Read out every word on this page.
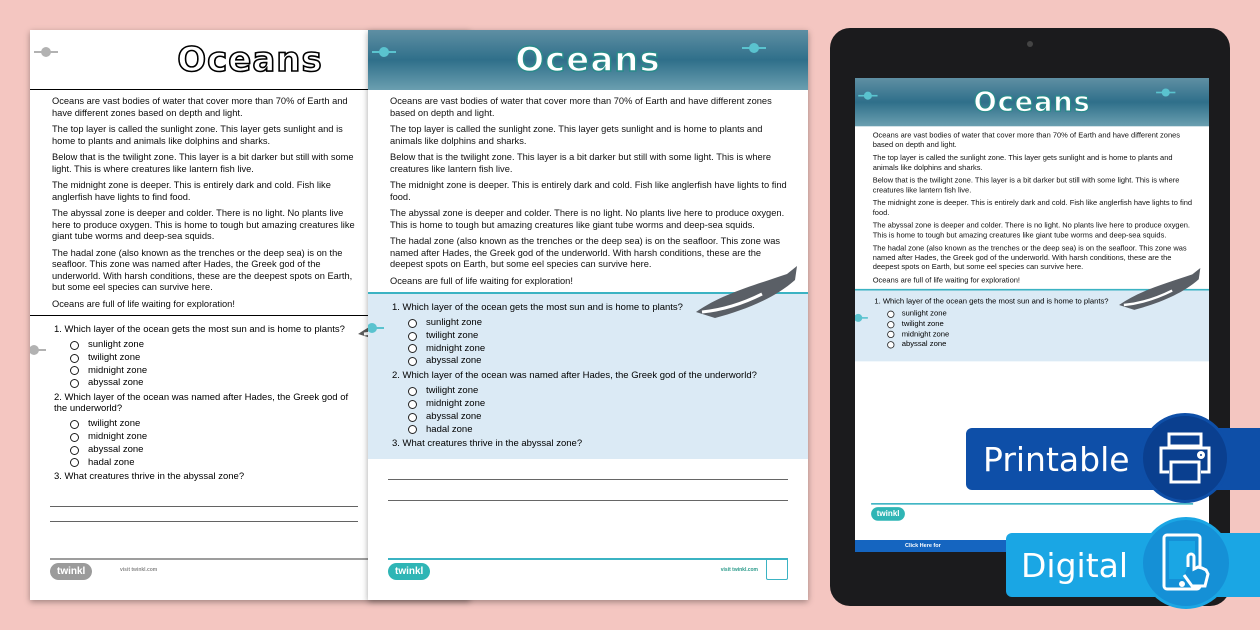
Oceans

Oceans are vast bodies of water that cover more than 70% of Earth and have different zones based on depth and light.

The top layer is called the sunlight zone. This layer gets sunlight and is home to plants and animals like dolphins and sharks.

Below that is the twilight zone. This layer is a bit darker but still with some light. This is where creatures like lantern fish live.

The midnight zone is deeper. This is entirely dark and cold. Fish like anglerfish have lights to find food.

The abyssal zone is deeper and colder. There is no light. No plants live here to produce oxygen. This is home to tough but amazing creatures like giant tube worms and deep-sea squids.

The hadal zone (also known as the trenches or the deep sea) is on the seafloor. This zone was named after Hades, the Greek god of the underworld. With harsh conditions, these are the deepest spots on Earth, but some eel species can survive here.

Oceans are full of life waiting for exploration!

1. Which layer of the ocean gets the most sun and is home to plants?
sunlight zone
twilight zone
midnight zone
abyssal zone
twinkl
Click Here for
Oceans

Oceans are vast bodies of water that cover more than 70% of Earth and have different zones based on depth and light.

The top layer is called the sunlight zone. This layer gets sunlight and is home to plants and animals like dolphins and sharks.

Below that is the twilight zone. This layer is a bit darker but still with some light. This is where creatures like lantern fish live.

The midnight zone is deeper. This is entirely dark and cold. Fish like anglerfish have lights to find food.

The abyssal zone is deeper and colder. There is no light. No plants live here to produce oxygen. This is home to tough but amazing creatures like giant tube worms and deep-sea squids.

The hadal zone (also known as the trenches or the deep sea) is on the seafloor. This zone was named after Hades, the Greek god of the underworld. With harsh conditions, these are the deepest spots on Earth, but some eel species can survive here.

Oceans are full of life waiting for exploration!

1. Which layer of the ocean gets the most sun and is home to plants?
sunlight zone
twilight zone
midnight zone
abyssal zone
2. Which layer of the ocean was named after Hades, the Greek god of the underworld?
twilight zone
midnight zone
abyssal zone
hadal zone
3. What creatures thrive in the abyssal zone?
twinkl	visit twinkl.com
Oceans

Oceans are vast bodies of water that cover more than 70% of Earth and have different zones based on depth and light.

The top layer is called the sunlight zone. This layer gets sunlight and is home to plants and animals like dolphins and sharks.

Below that is the twilight zone. This layer is a bit darker but still with some light. This is where creatures like lantern fish live.

The midnight zone is deeper. This is entirely dark and cold. Fish like anglerfish have lights to find food.

The abyssal zone is deeper and colder. There is no light. No plants live here to produce oxygen. This is home to tough but amazing creatures like giant tube worms and deep-sea squids.

The hadal zone (also known as the trenches or the deep sea) is on the seafloor. This zone was named after Hades, the Greek god of the underworld. With harsh conditions, these are the deepest spots on Earth, but some eel species can survive here.

Oceans are full of life waiting for exploration!

1. Which layer of the ocean gets the most sun and is home to plants?
sunlight zone
twilight zone
midnight zone
abyssal zone
2. Which layer of the ocean was named after Hades, the Greek god of the underworld?
twilight zone
midnight zone
abyssal zone
hadal zone
3. What creatures thrive in the abyssal zone?
twinkl	visit twinkl.com
Printable
Digital
